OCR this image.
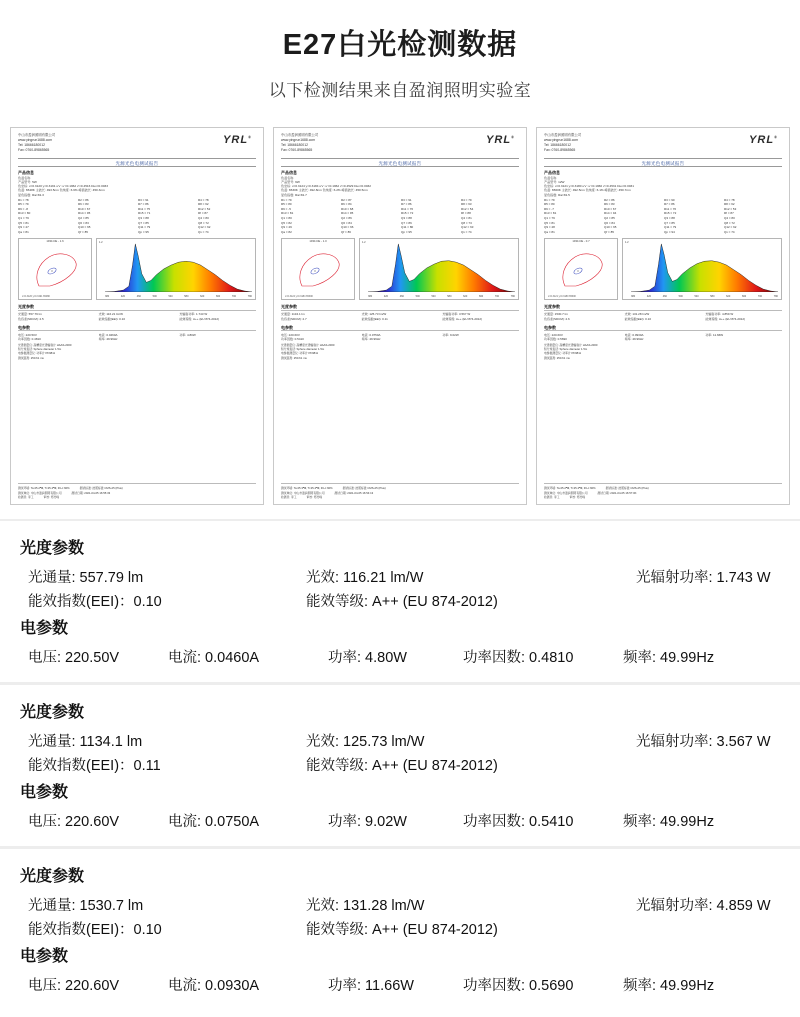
E27白光检测数据
以下检测结果来自盈润照明实验室
中山市盈润照明有限公司
www.yingrun1688.com
Tel: 18666180012
Fax: 0760-89865565
YRL®
光源光色电测试报告
产品信息
色温名称
产品型号: 5W
色坐标: x=0.3120 y=0.3191 u'v': u'=0.1962 v'=0.4516 Duv=0.0033
色温: 6548K 主波长: 493.5nm 色纯度: 6.6% 峰值波长: 450.3nm
显色指数: Ra=81.3
R1 = 78	R2 = 86	R3 = 91	R4 = 78
R5 = 79	R6 = 83	R7 = 86	R8 = 62
R9 = -8	R10 = 67	R11 = 75	R12 = 52
R13 = 80	R14 = 95	R15 = 71	Rf = 87
Q1 = 79	Q2 = 85	Q3 = 88	Q4 = 80
Q5 = 81	Q6 = 83	Q7 = 85	Q8 = 72
Q9 = 47	Q10 = 65	Q11 = 79	Q12 = 62
Qa = 81	Qf = 85	Qp = 95	Qx = 74
1931CIE - 1.6
x=0.3120 y=0.3191 6548K
1.2
380	420	460	500	540	580	620	660	700	780
光度参数
光通量: 557.79 lm	光效: 116.21 lm/W	光辐射功率: 1.743 W
色容差(SDCM): 2.5	能效指数(EEI): 0.10	能效等级: A++ (EU 874-2012)
电参数
电压: 220.50V	电流: 0.0460A	功率: 4.80W
功率因数: 0.4810	频率: 49.99Hz
光谱测量仪: 高精度光谱辐射计 HAAS-2000
积分球直径: Sphere diameter 1.5m
电参数测量仪: 功率计 PF9811
测试距离: 250.61 ms
测试环境: Ta:25.2℃, Ti:25.4℃, R.H.:60%	测试标准: 按照标准 CMS-25 (Plus)
测试单位: 中山市盈润照明有限公司	测试日期: 2021-04-05 16:55:33
检测员: 李工	审核: 郑竹峰
中山市盈润照明有限公司
www.yingrun1688.com
Tel: 18666180012
Fax: 0760-89865565
YRL®
光源光色电测试报告
产品信息
色温名称
产品型号: 9W
色坐标: x=0.3124 y=0.3184 u'v': u'=0.1962 v'=0.4529 Duv=0.0032
色温: 6530K 主波长: 492.8nm 色纯度: 6.2% 峰值波长: 450.5nm
显色指数: Ra=81.7
R1 = 79	R2 = 87	R3 = 91	R4 = 79
R5 = 80	R6 = 84	R7 = 86	R8 = 63
R9 = -5	R10 = 68	R11 = 76	R12 = 54
R13 = 81	R14 = 95	R15 = 72	Rf = 88
Q1 = 80	Q2 = 86	Q3 = 88	Q4 = 81
Q5 = 82	Q6 = 84	Q7 = 86	Q8 = 73
Q9 = 49	Q10 = 66	Q11 = 80	Q12 = 63
Qa = 82	Qf = 86	Qp = 95	Qx = 74
1931CIE - 1.0
x=0.3124 y=0.3184 6530K
1.2
380	420	460	500	540	580	620	660	700	780
光度参数
光通量: 1134.1 lm	光效: 125.73 lm/W	光辐射功率: 3.567 W
色容差(SDCM): 2.7	能效指数(EEI): 0.11	能效等级: A++ (EU 874-2012)
电参数
电压: 220.60V	电流: 0.0750A	功率: 9.02W
功率因数: 0.5410	频率: 49.99Hz
光谱测量仪: 高精度光谱辐射计 HAAS-2000
积分球直径: Sphere diameter 1.5m
电参数测量仪: 功率计 PF9811
测试距离: 250.61 ms
测试环境: Ta:25.3℃, Ti:25.4℃, R.H.:60%	测试标准: 按照标准 CMS-25 (Plus)
测试单位: 中山市盈润照明有限公司	测试日期: 2021-04-05 16:54:13
检测员: 李工	审核: 郑竹峰
中山市盈润照明有限公司
www.yingrun1688.com
Tel: 18666180012
Fax: 0760-89865565
YRL®
光源光色电测试报告
产品信息
色温名称
产品型号: 12W
色坐标: x=0.3121 y=0.3180 u'v': u'=0.1960 v'=0.4531 Duv=0.0031
色温: 6560K 主波长: 492.5nm 色纯度: 6.1% 峰值波长: 450.7nm
显色指数: Ra=81.5
R1 = 79	R2 = 86	R3 = 90	R4 = 78
R5 = 80	R6 = 83	R7 = 86	R8 = 62
R9 = -7	R10 = 67	R11 = 76	R12 = 53
R13 = 81	R14 = 94	R15 = 72	Rf = 87
Q1 = 79	Q2 = 85	Q3 = 88	Q4 = 80
Q5 = 81	Q6 = 84	Q7 = 85	Q8 = 72
Q9 = 48	Q10 = 65	Q11 = 79	Q12 = 62
Qa = 81	Qf = 85	Qp = 94	Qx = 74
1931CIE - 0.7
x=0.3121 y=0.3180 6560K
1.2
380	420	460	500	540	580	620	660	700	780
光度参数
光通量: 1530.7 lm	光效: 131.28 lm/W	光辐射功率: 4.859 W
色容差(SDCM): 2.6	能效指数(EEI): 0.10	能效等级: A++ (EU 874-2012)
电参数
电压: 220.60V	电流: 0.0930A	功率: 11.66W
功率因数: 0.5690	频率: 49.99Hz
光谱测量仪: 高精度光谱辐射计 HAAS-2000
积分球直径: Sphere diameter 1.5m
电参数测量仪: 功率计 PF9811
测试距离: 250.61 ms
测试环境: Ta:25.2℃, Ti:25.4℃, R.H.:60%	测试标准: 按照标准 CMS-25 (Plus)
测试单位: 中山市盈润照明有限公司	测试日期: 2021-04-05 16:57:0K
检测员: 李工	审核: 郑竹峰
光度参数
光通量: 557.79 lm	光效: 116.21 lm/W	光辐射功率: 1.743 W
能效指数(EEI)：0.10	能效等级: A++ (EU 874-2012)
电参数
电压: 220.50V	电流: 0.0460A	功率: 4.80W	功率因数: 0.4810	频率: 49.99Hz
光度参数
光通量: 1134.1 lm	光效: 125.73 lm/W	光辐射功率: 3.567 W
能效指数(EEI)：0.11	能效等级: A++ (EU 874-2012)
电参数
电压: 220.60V	电流: 0.0750A	功率: 9.02W	功率因数: 0.5410	频率: 49.99Hz
光度参数
光通量: 1530.7 lm	光效: 131.28 lm/W	光辐射功率: 4.859 W
能效指数(EEI)：0.10	能效等级: A++ (EU 874-2012)
电参数
电压: 220.60V	电流: 0.0930A	功率: 11.66W	功率因数: 0.5690	频率: 49.99Hz
